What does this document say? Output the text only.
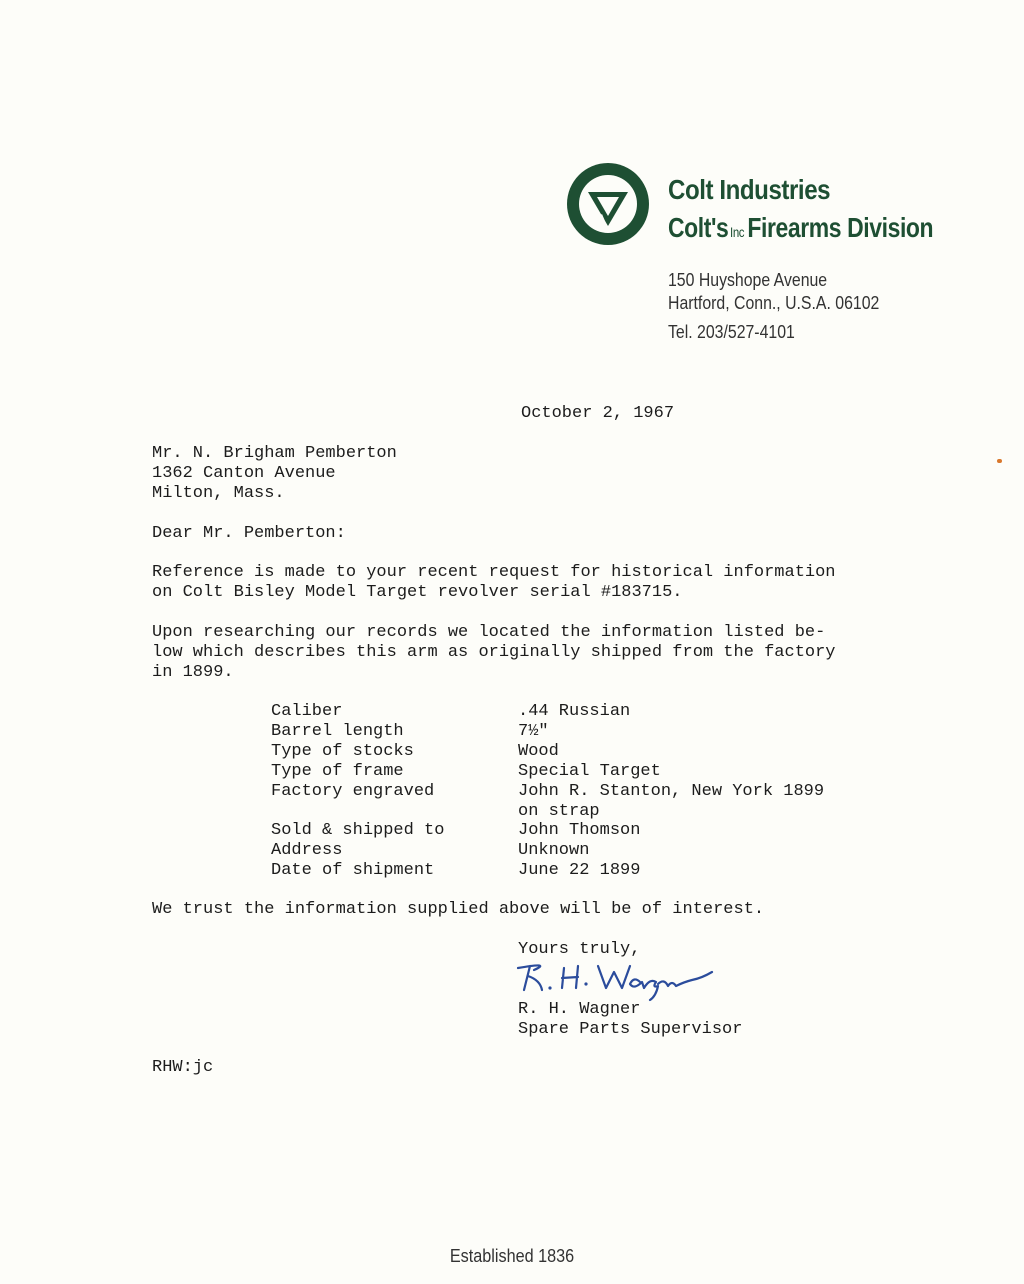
Colt Industries
Colt's Inc Firearms Division
150 Huyshope Avenue
Hartford, Conn., U.S.A. 06102
Tel. 203/527-4101
October 2, 1967
Mr. N. Brigham Pemberton
1362 Canton Avenue
Milton, Mass.
Dear Mr. Pemberton:
Reference is made to your recent request for historical information
on Colt Bisley Model Target revolver serial #183715.
Upon researching our records we located the information listed be-
low which describes this arm as originally shipped from the factory
in 1899.
Caliber	.44 Russian
Barrel length	7½"
Type of stocks	Wood
Type of frame	Special Target
Factory engraved	John R. Stanton, New York 1899
on strap
Sold & shipped to	John Thomson
Address	Unknown
Date of shipment	June 22 1899
We trust the information supplied above will be of interest.
Yours truly,
R. H. Wagner
Spare Parts Supervisor
RHW:jc
Established 1836
